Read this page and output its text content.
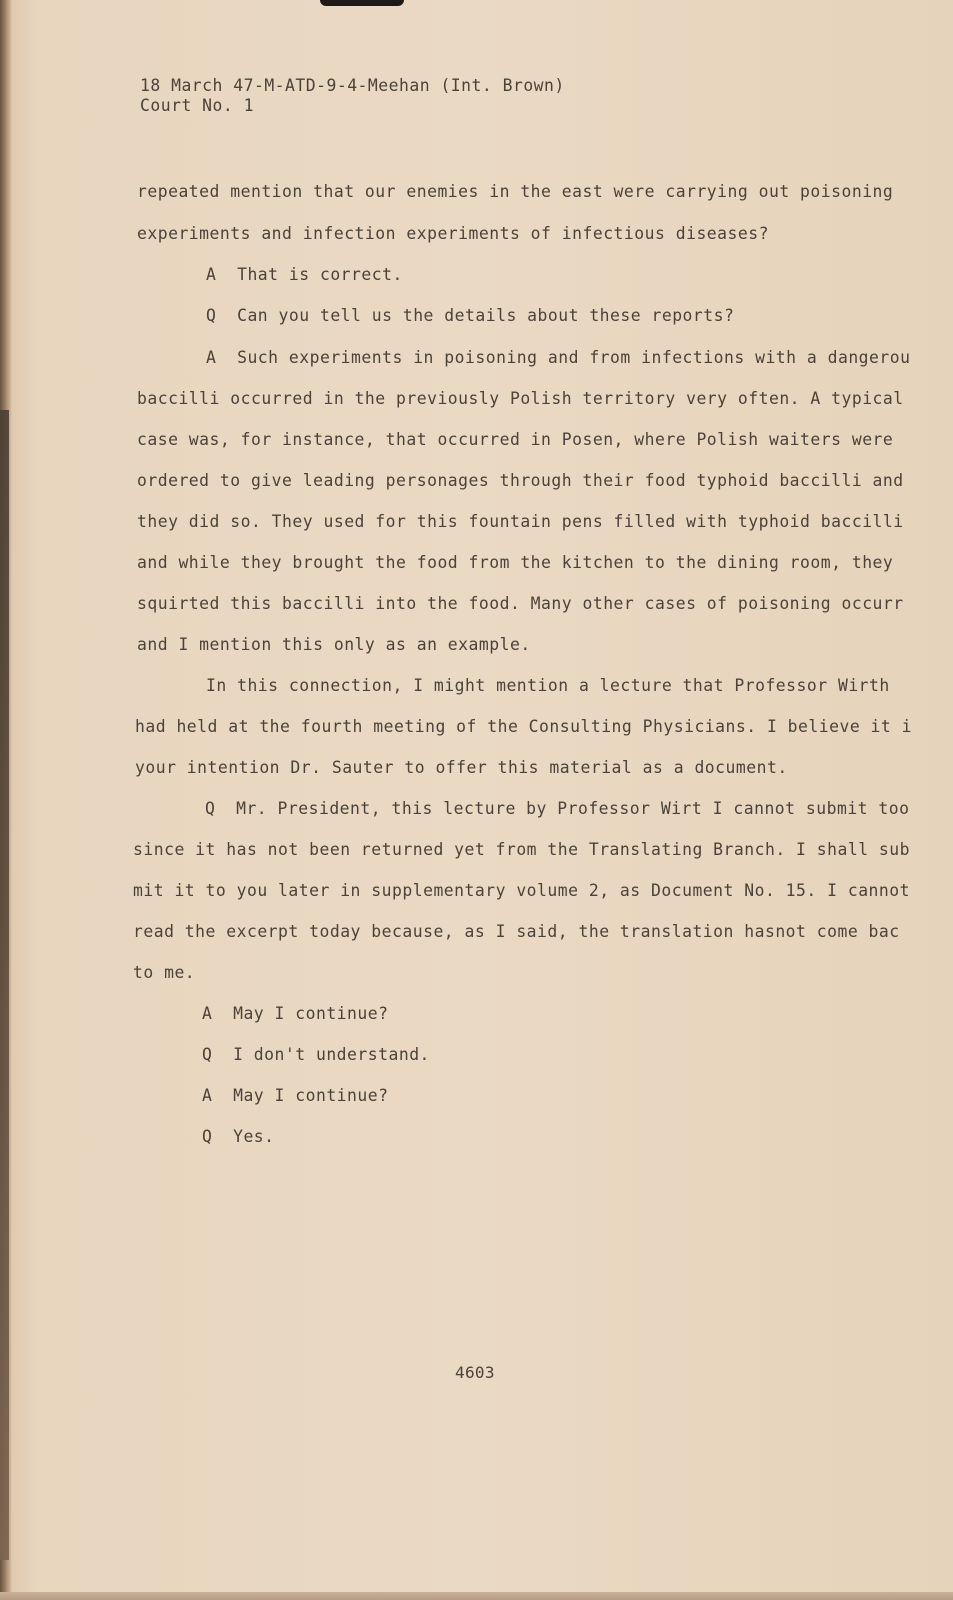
18 March 47-M-ATD-9-4-Meehan (Int. Brown)
Court No. 1
repeated mention that our enemies in the east were carrying out poisoning
experiments and infection experiments of infectious diseases?
A  That is correct.
Q  Can you tell us the details about these reports?
A  Such experiments in poisoning and from infections with a dangerou
baccilli occurred in the previously Polish territory very often. A typical
case was, for instance, that occurred in Posen, where Polish waiters were
ordered to give leading personages through their food typhoid baccilli and
they did so. They used for this fountain pens filled with typhoid baccilli
and while they brought the food from the kitchen to the dining room, they
squirted this baccilli into the food. Many other cases of poisoning occurr
and I mention this only as an example.
In this connection, I might mention a lecture that Professor Wirth
had held at the fourth meeting of the Consulting Physicians. I believe it i
your intention Dr. Sauter to offer this material as a document.
Q  Mr. President, this lecture by Professor Wirt I cannot submit too
since it has not been returned yet from the Translating Branch. I shall sub
mit it to you later in supplementary volume 2, as Document No. 15. I cannot
read the excerpt today because, as I said, the translation hasnot come bac
to me.
A  May I continue?
Q  I don't understand.
A  May I continue?
Q  Yes.
4603
